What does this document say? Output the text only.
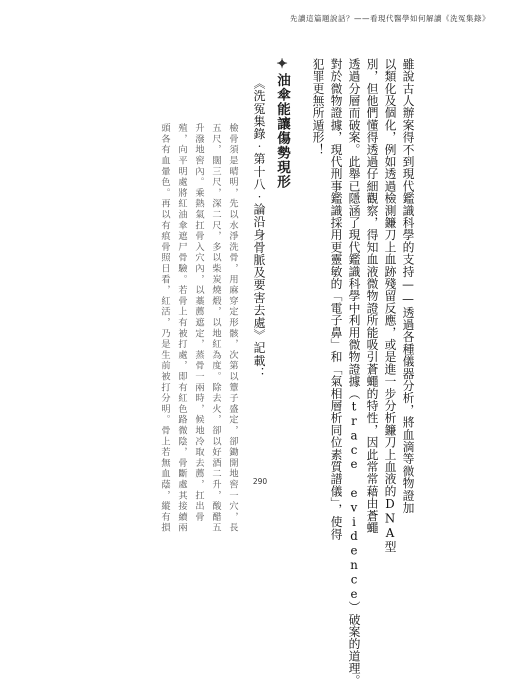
先讀這篇題說話？——看現代醫學如何解讀《洗冤集錄》
雖說古人辦案得不到現代鑑識科學的支持——透過各種儀器分析，將血滴等微物證加
以類化及個化，例如透過檢測鐮刀上血跡殘留反應，或是進一步分析鐮刀上血液的DNA型
別，但他們懂得透過仔細觀察，得知血液微物證所能吸引蒼蠅的特性，因此常常藉由蒼蠅
透過分層而破案。此舉已隱涵了現代鑑識科學中利用微物證據（trace evidence）破案的道理。
對於微物證據，現代刑事鑑識採用更靈敏的「電子鼻」和「氣相層析同位素質譜儀」，使得
犯罪更無所遁形！
✦油傘能讓傷勢現形
《洗冤集錄‧第十八‧論沿身骨脈及要害去處》記載：
檢骨須是晴明，先以水淨洗骨，用麻穿定形骸，次第以簟子盛定，卻鋤開地窖一穴，長
五尺，闊三尺，深二尺，多以柴炭燒煅，以地紅為度。除去火，卻以好酒二升，酸醋五
升潑地窖內。乘熱氣扛骨入穴內，以藁薦遮定，蒸骨一兩時，候地冷取去薦，扛出骨
殖，向平明處將紅油傘遮尸骨驗。若骨上有被打處，即有紅色路微陰，骨斷處其接續兩
頭各有血暈色。再以有痕骨照日看，紅活，乃是生前被打分明。骨上若無血蔭，縱有損	290
